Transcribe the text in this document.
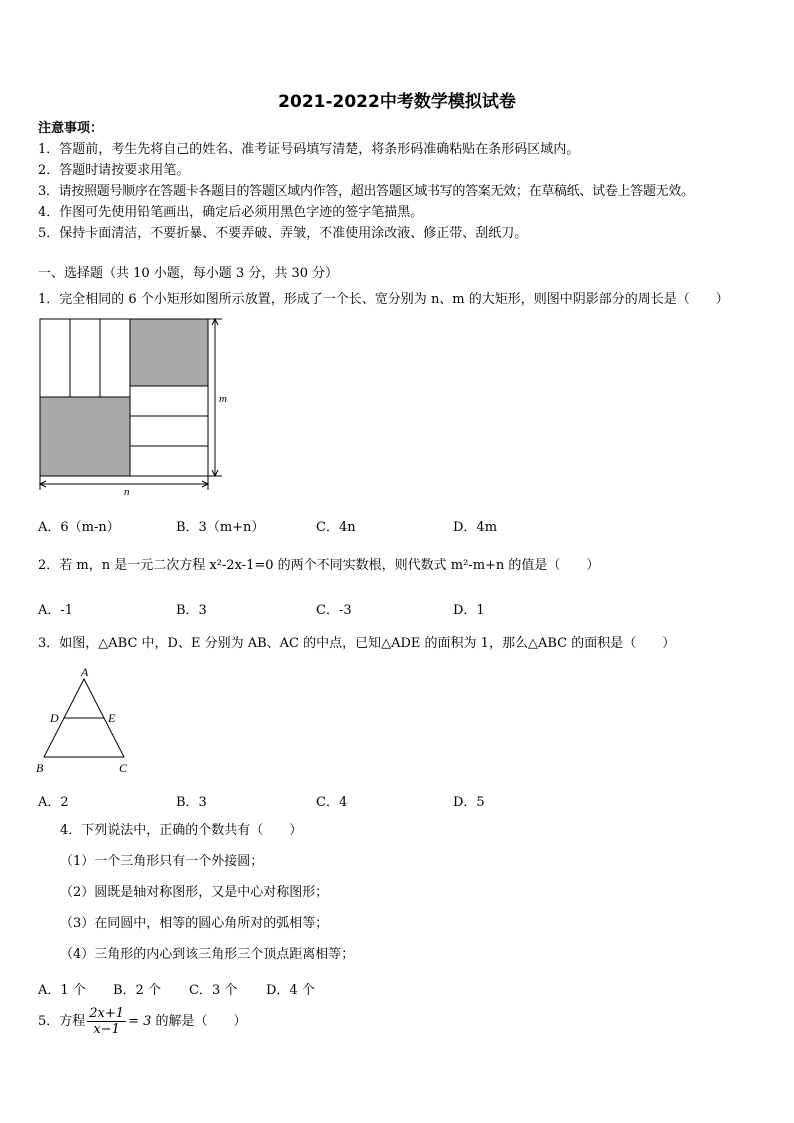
2021-2022中考数学模拟试卷
注意事项：
1．答题前，考生先将自己的姓名、准考证号码填写清楚，将条形码准确粘贴在条形码区域内。
2．答题时请按要求用笔。
3．请按照题号顺序在答题卡各题目的答题区域内作答，超出答题区域书写的答案无效；在草稿纸、试卷上答题无效。
4．作图可先使用铅笔画出，确定后必须用黑色字迹的签字笔描黑。
5．保持卡面清洁，不要折暴、不要弄破、弄皱，不准使用涂改液、修正带、刮纸刀。
一、选择题（共 10 小题，每小题 3 分，共 30 分）
1．完全相同的 6 个小矩形如图所示放置，形成了一个长、宽分别为 n、m 的大矩形，则图中阴影部分的周长是（　　）
m
n
A．6（m-n）	B．3（m+n）	C．4n	D．4m
2．若 m，n 是一元二次方程 x²-2x-1=0 的两个不同实数根，则代数式 m²-m+n 的值是（　　）
A．-1	B．3	C．-3	D．1
3．如图，△ABC 中，D、E 分别为 AB、AC 的中点，已知△ADE 的面积为 1，那么△ABC 的面积是（　　）
A
B	C
D	E
A．2	B．3	C．4	D．5
4．下列说法中，正确的个数共有（　　）
（1）一个三角形只有一个外接圆；
（2）圆既是轴对称图形，又是中心对称图形；
（3）在同圆中，相等的圆心角所对的弧相等；
（4）三角形的内心到该三角形三个顶点距离相等；
A．1 个 B．2 个 C．3 个 D．4 个
5．方程 $\frac{2x+1}{x-1} = 3$ 的解是（　　）
